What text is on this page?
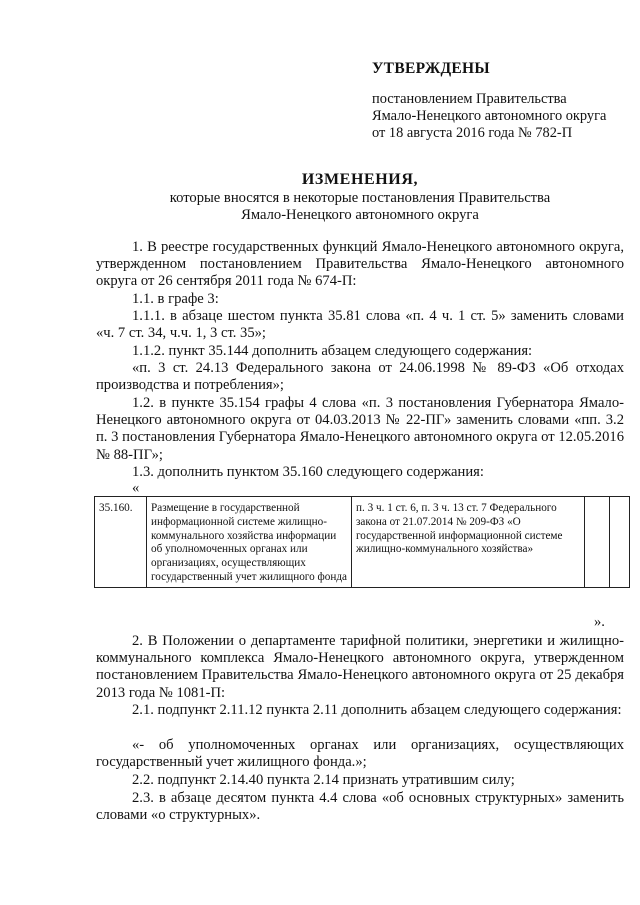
УТВЕРЖДЕНЫ
постановлением Правительства
Ямало-Ненецкого автономного округа
от 18 августа 2016 года № 782-П
ИЗМЕНЕНИЯ,
которые вносятся в некоторые постановления Правительства
Ямало-Ненецкого автономного округа
1. В реестре государственных функций Ямало-Ненецкого автономного округа, утвержденном постановлением Правительства Ямало-Ненецкого автономного округа от 26 сентября 2011 года № 674-П:
1.1. в графе 3:
1.1.1. в абзаце шестом пункта 35.81 слова «п. 4 ч. 1 ст. 5» заменить словами «ч. 7 ст. 34, ч.ч. 1, 3 ст. 35»;
1.1.2. пункт 35.144 дополнить абзацем следующего содержания:
«п. 3 ст. 24.13 Федерального закона от 24.06.1998 № 89-ФЗ «Об отходах производства и потребления»;
1.2. в пункте 35.154 графы 4 слова «п. 3 постановления Губернатора Ямало-Ненецкого автономного округа от 04.03.2013 № 22-ПГ» заменить словами «пп. 3.2 п. 3 постановления Губернатора Ямало-Ненецкого автономного округа от 12.05.2016 № 88-ПГ»;
1.3. дополнить пунктом 35.160 следующего содержания:
«
35.160.	Размещение в государственной информационной системе жилищно-коммунального хозяйства информации об уполномоченных органах или организациях, осуществляющих государственный учет жилищного фонда	п. 3 ч. 1 ст. 6, п. 3 ч. 13 ст. 7 Федерального закона от 21.07.2014 № 209-ФЗ «О государственной информационной системе жилищно-коммунального хозяйства»		
».
2. В Положении о департаменте тарифной политики, энергетики и жилищно-коммунального комплекса Ямало-Ненецкого автономного округа, утвержденном постановлением Правительства Ямало-Ненецкого автономного округа от 25 декабря 2013 года № 1081-П:
2.1. подпункт 2.11.12 пункта 2.11 дополнить абзацем следующего содержания:
«- об уполномоченных органах или организациях, осуществляющих государственный учет жилищного фонда.»;
2.2. подпункт 2.14.40 пункта 2.14 признать утратившим силу;
2.3. в абзаце десятом пункта 4.4 слова «об основных структурных» заменить словами «о структурных».
